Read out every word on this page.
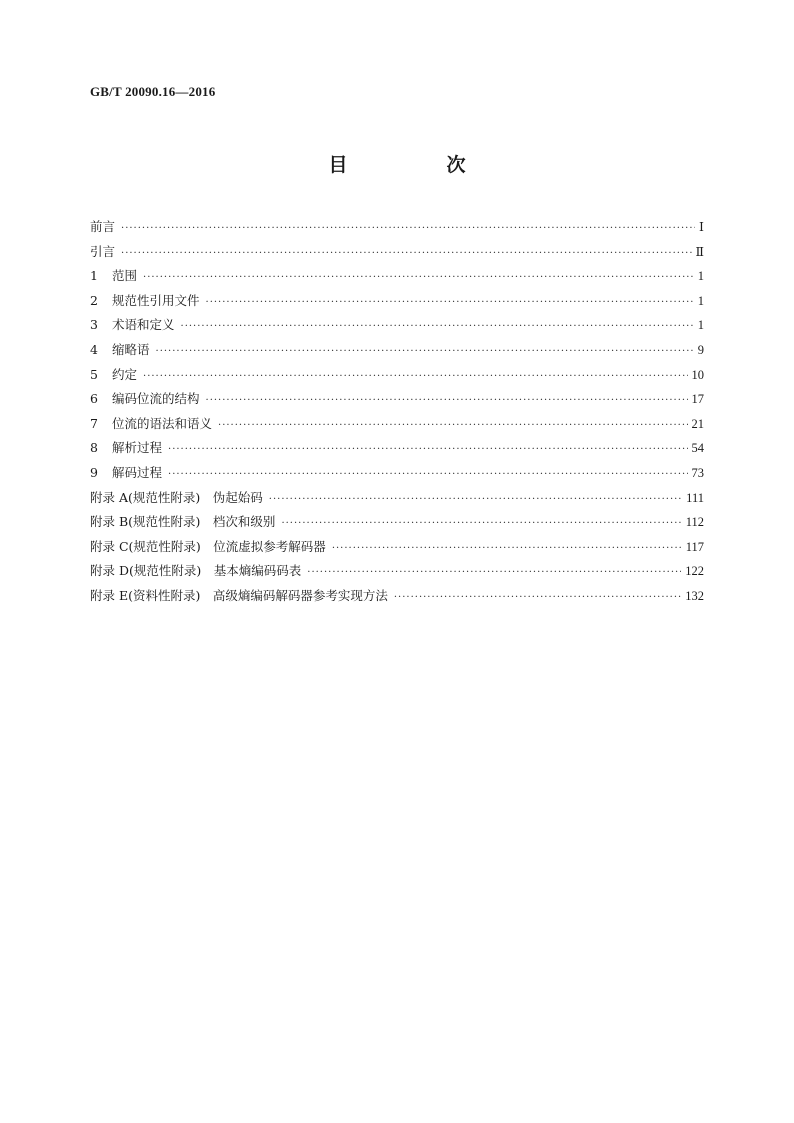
GB/T 20090.16—2016
目　次
前言 ·····	Ⅰ
引言 ·····	Ⅱ
1 范围 ·····	1
2 规范性引用文件 ·····	1
3 术语和定义 ·····	1
4 缩略语 ·····	9
5 约定 ·····	10
6 编码位流的结构 ·····	17
7 位流的语法和语义 ·····	21
8 解析过程 ·····	54
9 解码过程 ·····	73
附录 A(规范性附录)　伪起始码 ·····	111
附录 B(规范性附录)　档次和级别 ·····	112
附录 C(规范性附录)　位流虚拟参考解码器 ·····	117
附录 D(规范性附录)　基本熵编码码表 ·····	122
附录 E(资料性附录)　高级熵编码解码器参考实现方法 ·····	132
